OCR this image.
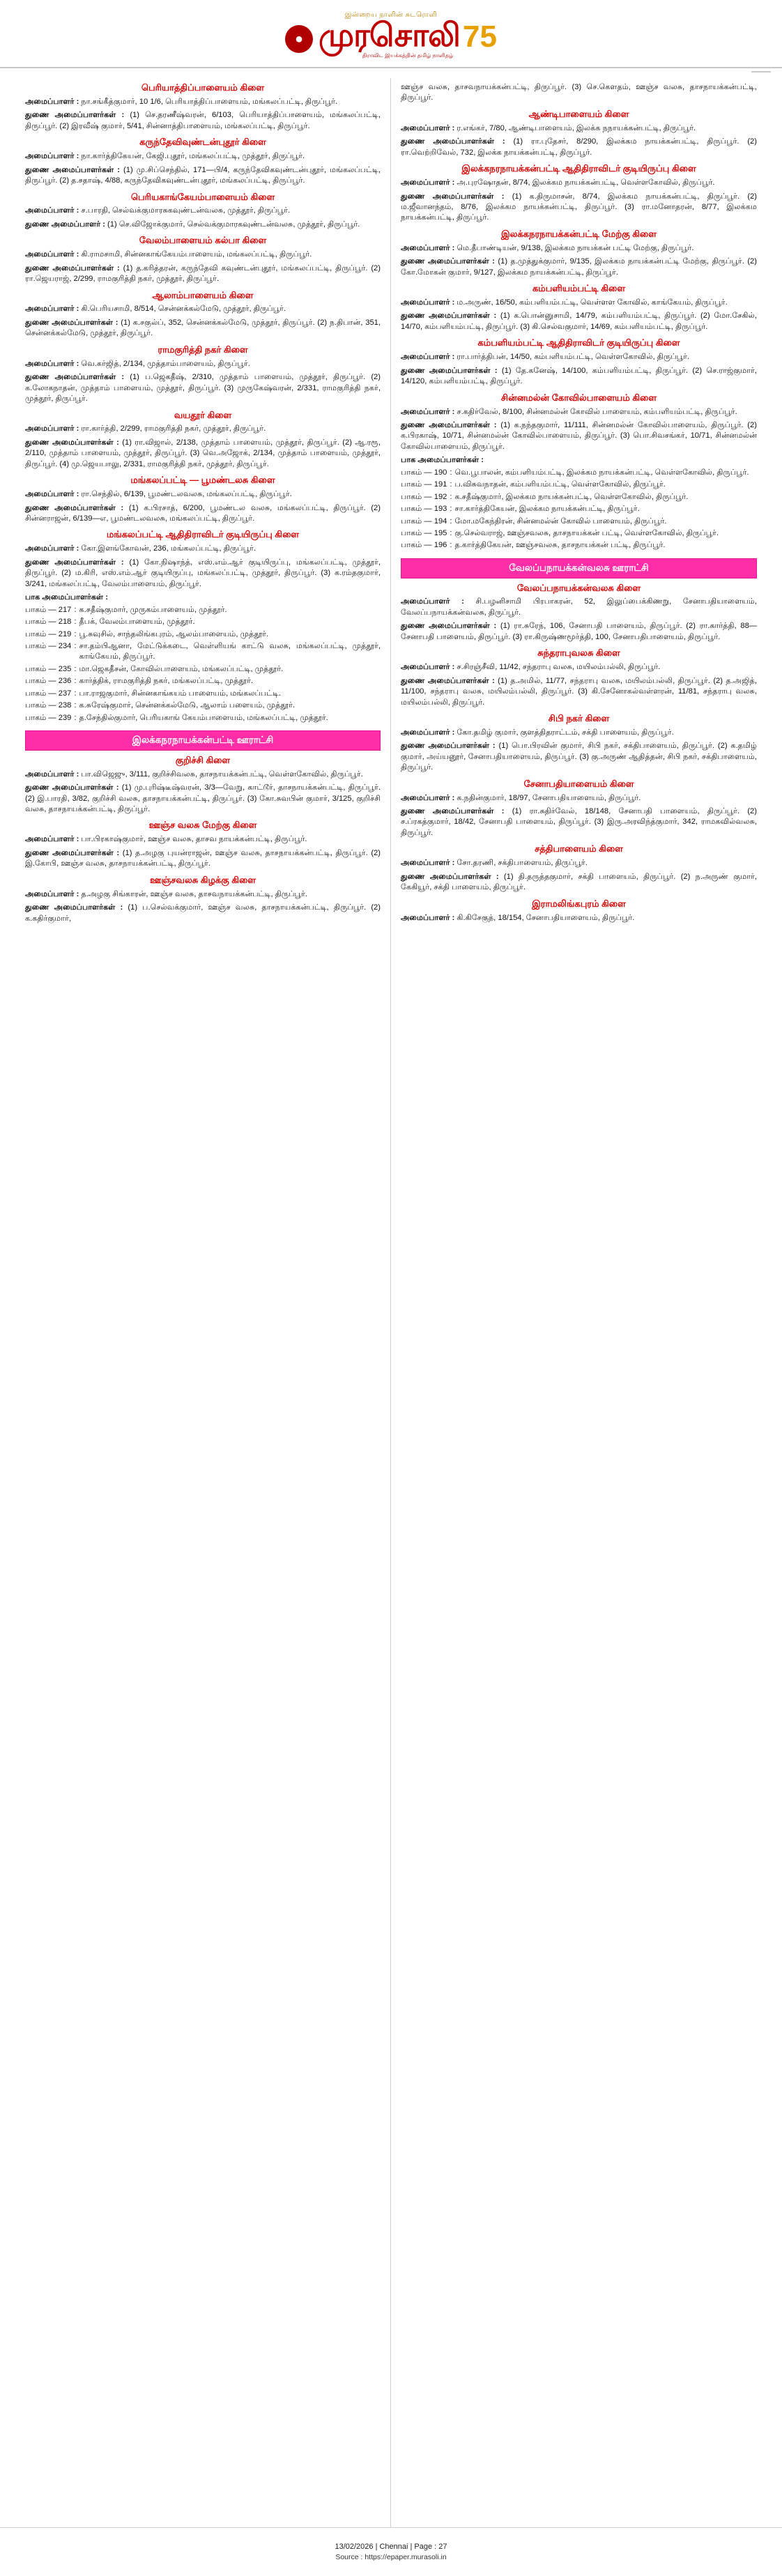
இன்றைய நாளின் சுடரொளி
● முரசொலி 75
திராவிட இயக்கத்தின் தமிழ் நாளிதழ்
பெரியாத்திப்பாளையம் கிளை

அமைப்பாளர் : நா.சங்கீத்குமார், 10 1/6, பெரியாத்திப்பாளையம், மங்கலப்பட்டி, திருப்பூர்.

துணை அமைப்பாளர்கள் : (1) செ.தரணீஷ்வரன், 6/103, பெரியாத்திப்பாளையம், மங்கலப்பட்டி, திருப்பூர். (2) இரவீஷ் குமார், 5/41, சின்னாத்திபாளையம், மங்கலப்பட்டி, திருப்பூர்.

கருந்தேவிவுண்டன்புதூர் கிளை

அமைப்பாளர் : நா.கார்த்திகேயன், கேஜி.புதூர், மங்கலப்பட்டி, முத்தூர், திருப்பூர்.

துணை அமைப்பாளர்கள் : (1) மு.சிப்செந்தில், 171—பி/4, கருந்தேவிகவுண்டன்புதூர், மங்கலப்பட்டி, திருப்பூர். (2) த.சதாஷ், 4/88, கருந்தேவிகவுண்டன்புதூர், மங்கலப்பட்டி, திருப்பூர்.

பெரியகாங்கேயம்பாளையம் கிளை

அமைப்பாளர் : ச.பாரதி, செல்வக்குமாரசுகவுண்டன்வலசு, முத்தூர், திருப்பூர்.

துணை அமைப்பாளர் : (1) செ.விஜோக்குமார், செல்வக்குமாரகவுண்டன்வலசு, முத்தூர், திருப்பூர்.

வேலம்பாளையம் கல்பா கிளை

அமைப்பாளர் : கி.ராமசாமி, சின்னகாங்கேயம்பாளையம், மங்கலப்பட்டி, திருப்பூர்.

துணை அமைப்பாளர்கள் : (1) த.கரித்தரன், கருந்தேவி கவுண்டன்புதூர், மங்கலப்பட்டி, திருப்பூர். (2) ரா.ஜெயராஜ், 2/299, ராமகுரித்தி நகர், முத்தூர், திருப்பூர்.

ஆலாம்பாளையம் கிளை

அமைப்பாளர் : கி.பெரியசாமி, 8/514, சென்னக்கல்மேடு, முத்தூர், திருப்பூர்.

துணை அமைப்பாளர்கள் : (1) க.சகுல்ப், 352, சென்னக்கல்மேடு, முத்தூர், திருப்பூர். (2) ந.திபான், 351, சென்னக்கல்மேடு, முத்தூர், திருப்பூர்.

ராமகுரித்தி நகர் கிளை

அமைப்பாளர் : வெ.கர்ஜித், 2/134, முத்தாம்பாளையம், திருப்பூர்.

துணை அமைப்பாளர்கள் : (1) ப.ஜெகதீஷ், 2/310, முத்தாம் பாளையம், முத்தூர், திருப்பூர். (2) க.லோகநாதன், முத்தாம் பாளையம், முத்தூர், திருப்பூர். (3) முருகேஷ்வரன், 2/331, ராமகுரித்தி நகர், முத்தூர், திருப்பூர்.

வயதூர் கிளை

அமைப்பாளர் : ரா.கார்த்தி, 2/299, ராமகுரித்தி நகர், முத்தூர், திருப்பூர்.

துணை அமைப்பாளர்கள் : (1) ரா.விஜால், 2/138, முத்தாம் பாளையம், முத்தூர், திருப்பூர். (2) ஆ.ரரூ, 2/110, முத்தாம் பாளையம், முத்தூர், திருப்பூர். (3) வெ.அஜோக், 2/134, முத்தாம் பாளையம், முத்தூர், திருப்பூர். (4) மு.ஜெயபாலு, 2/331, ராமகுரித்தி நகர், முத்தூர், திருப்பூர்.

மங்கலப்பட்டி — பூமண்டலசு கிளை

அமைப்பாளர் : ரா.செந்தில், 6/139, பூமண்டலவலசு, மங்கலப்பட்டி, திருப்பூர்.

துணை அமைப்பாளர்கள் : (1) க.பிரசாத், 6/200, பூமண்டல வலசு, மங்கலப்பட்டி, திருப்பூர். (2) சின்னராஜன், 6/139—எ, பூமண்டலவலசு, மங்கலப்பட்டி, திருப்பூர்.

மங்கலப்பட்டி ஆதிதிராவிடர் குடியிருப்பு கிளை

அமைப்பாளர் : கோ.இளங்கோவன், 236, மங்கலப்பட்டி, திருப்பூர்.

துணை அமைப்பாளர்கள் : (1) கோ.நிஷாந்த், எஸ்.எம்.ஆர் குடியிருப்பு, மங்கலப்பட்டி, முத்தூர், திருப்பூர். (2) ம.கிரி, எஸ்.எம்.ஆர் குடியிருப்பு, மங்கலப்பட்டி, முத்தூர், திருப்பூர். (3) க.ரம்தகுமார், 3/241, மங்கலப்பட்டி, வேலம்பாளையம், திருப்பூர்.

பாக அமைப்பாளர்கள் :
பாகம் — 217 : க.சதீஷ்குமார், முருகம்பாளையம், முத்தூர்.
பாகம் — 218 : தீபக், வேலம்பாளையம், முத்தூர்.
பாகம் — 219 : பூ.சுவுசில், சாந்தலிங்கபுரம், ஆலம்பாளையம், முத்தூர்.
பாகம் — 234 : சா.தம்பிஆனா, மேட்டுக்கடை, வெள்ளியங் காட்டு வலசு, மங்கலப்பட்டி, முத்தூர், காங்கேயம், திருப்பூர்.
பாகம் — 235 : மா.ஜெகதீசன், கோவில்பாளையம், மங்கலப்பட்டி, முத்தூர்.
பாகம் — 236 : கார்த்திக், ராமகுரித்தி நகர், மங்கலப்பட்டி, முத்தூர்.
பாகம் — 237 : பா.ராஜகுமார், சின்னகாங்கயம் பாளையம், மங்கலப்பட்டி.
பாகம் — 238 : க.சுரேஷ்குமார், சென்னக்கல்மேடு, ஆலாம் பளையம், முத்தூர்.
பாகம் — 239 : த.சேந்தில்குமார், பெரியகாங் கேயம்பாளையம், மங்கலப்பட்டி, முத்தூர்.
இலக்கநரநாயக்கன்பட்டி ஊராட்சி
குறிச்சி கிளை

அமைப்பாளர் : பா.விஜெஜு, 3/111, குறிச்சிவலசு, தாசநாயக்கன்பட்டி, வெள்ளகோவில், திருப்பூர்.

துணை அமைப்பாளர்கள் : (1) மு.புரிஷ்டீஷ்வரன், 3/3—வேறு, காட்டூர், தாசநாயக்கன்பட்டி, திருப்பூர். (2) இ.பாரதி, 3/82, குறிச்சி வலசு, தாசநாயக்கன்பட்டி, திருப்பூர். (3) கோ.சுவபின் குமார், 3/125, குறிச்சி வலசு, தாசநாயக்கன்பட்டி, திருப்பூர்.

ஊஞ்ச வலசு மேற்கு கிளை

அமைப்பாளர் : பா.பிரகாஷ்குமார், ஊஞ்ச வலசு, தாசவ நாயக்கன்பட்டி, திருப்பூர்.

துணை அமைப்பாளர்கள் : (1) த.அழகு புயன்ராஜன், ஊஞ்ச வலசு, தாசநாயக்கன்பட்டி, திருப்பூர். (2) இ.கோபி, ஊஞ்ச வலசு, தாசநாயக்கன்பட்டி, திருப்பூர்.

ஊஞ்சவலசு கிழக்கு கிளை

அமைப்பாளர் : த.அழகு சிங்காரன், ஊஞ்ச வலசு, தாசவநாயக்கன்பட்டி, திருப்பூர்.

துணை அமைப்பாளர்கள் : (1) ப.செல்வக்குமார், ஊஞ்ச வலசு, தாசநாயக்கன்பட்டி, திருப்பூர். (2) க.கதிர்குமார்,

ஊஞ்ச வலசு, தாசவநாயக்கன்பட்டி, திருப்பூர். (3) செ.கௌதம், ஊஞ்ச வலசு, தாசநாயக்கன்பட்டி, திருப்பூர்.

ஆண்டிபாளையம் கிளை

அமைப்பாளர் : ர.எங்கர், 7/80, ஆண்டிபாளையம், இலக்க நநாயக்கன்பட்டி, திருப்பூர்.

துணை அமைப்பாளர்கள் : (1) ரா.புதேசர், 8/290, இலக்கம நாயக்கன்பட்டி, திருப்பூர். (2) ரா.வெற்றிவேல், 732, இலக்க நாயக்கன்பட்டி, திருப்பூர்.

இலக்கநரநாயக்கன்பட்டி ஆதிதிராவிடர் குடியிருப்பு கிளை

அமைப்பாளர் : அ.புரஷோதன், 8/74, இலக்கம நாயக்கன்பட்டி, வெள்ளகோவில், திருப்பூர்.

துணை அமைப்பாளர்கள் : (1) க.திருமாசன், 8/74, இலக்கம நாயக்கன்பட்டி, திருப்பூர். (2) ம.ஜீவானந்தம், 8/76, இலக்கம நாயக்கன்பட்டி, திருப்பூர். (3) ரா.மனோதரன், 8/77, இலக்கம நாயக்கன்பட்டி, திருப்பூர்.

இலக்கநரநாயக்கன்பட்டி மேற்கு கிளை

அமைப்பாளர் : மெ.தீபாண்டியன், 9/138, இலக்கம நாயக்கன் பட்டி மேற்கு, திருப்பூர்.

துணை அமைப்பாளர்கள் : (1) த.முத்துக்குமார், 9/135, இலக்கம நாயக்கன்பட்டி மேற்கு, திருப்பூர். (2) கோ.மோகன் குமார், 9/127, இலக்கம நாயக்கன்பட்டி, திருப்பூர்.

கம்பளியம்பட்டி கிளை

அமைப்பாளர் : ம.அருண், 16/50, கம்பளியம்பட்டி, வெள்ளள கோவில், காங்கேயம், திருப்பூர்.

துணை அமைப்பாளர்கள் : (1) க.பொன்னுசாமி, 14/79, கம்பளியம்பட்டி, திருப்பூர். (2) மோ.சேகில், 14/70, கம்பளியம்பட்டி, திருப்பூர். (3) கி.செல்வகுமார், 14/69, கம்பளியம்பட்டி, திருப்பூர்.

கம்பளியம்பட்டி ஆதிதிராவிடர் குடியிருப்பு கிளை

அமைப்பாளர் : ரா.பார்த்திபன், 14/50, கம்பளியம்பட்டி, வெள்ளகோவில், திருப்பூர்.

துணை அமைப்பாளர்கள் : (1) தே.கனேஷ், 14/100, கம்பளியம்பட்டி, திருப்பூர். (2) செ.ராஜ்குமார், 14/120, கம்பளியம்பட்டி, திருப்பூர்.

சின்னமல்ன் கோவில்பாளையம் கிளை

அமைப்பாளர் : ச.கதிர்வேல், 8/100, சின்னமல்ன் கோவில் பாளையம், கம்பளியம்பட்டி, திருப்பூர்.

துணை அமைப்பாளர்கள் : (1) க.நந்தகுமார், 11/111, சின்னமல்ன் கோவில்பாளையம், திருப்பூர். (2) க.பிரகாஷ், 10/71, சின்னமல்ன் கோவில்பாளையம், திருப்பூர். (3) பொ.சிவசங்கர், 10/71, சின்னமல்ன் கோவில்பாளையம், திருப்பூர்.

பாக அமைப்பாளர்கள் :
பாகம் — 190 : வெ.பூபாலன், கம்பளியம்பட்டி, இலக்கம நாயக்கன்பட்டி, வெள்ளகோவில், திருப்பூர்.
பாகம் — 191 : ப.விசுவநாதன், கம்பளியம்பட்டி, வெள்ளகோவில், திருப்பூர்.
பாகம் — 192 : க.சதீஷ்குமார், இலக்கம நாயக்கன்பட்டி, வெள்ளகோவில், திருப்பூர்.
பாகம் — 193 : சா.கார்த்திகேயன், இலக்கம நாயக்கன்பட்டி, திருப்பூர்.
பாகம் — 194 : மோ.மகேந்திரன், சின்னமல்ன் கோவில் பாளையம், திருப்பூர்.
பாகம் — 195 : கு.செல்வராஜ், ஊஞ்சவலசு, தாசநாயக்கன் பட்டி, வெள்ளகோவில், திருப்பூர்.
பாகம் — 196 : த.கார்த்திகேயன், ஊஞ்சவலசு, தாசநாயக்கன் பட்டி, திருப்பூர்.
வேலப்பநாயக்கன்வலசு ஊராட்சி
வேலப்பநாயக்கன்வலசு கிளை

அமைப்பாளர் : சி.பழனிசாமி பிரபாகரன், 52, இலுப்பைக்கிணறு, சேனாபதியாளையம், வேலப்பநாயக்கன்வலசு, திருப்பூர்.

துணை அமைப்பாளர்கள் : (1) ரா.சுரேந், 106, சேனாபதி பாளையம், திருப்பூர். (2) ரா.கார்த்தி, 88—சேனாபதி பாளையம், திருப்பூர். (3) ரா.கிருஷ்ணமூர்த்தி, 100, சேனாபதிபாளையம், திருப்பூர்.

சுந்தராபுவலசு கிளை

அமைப்பாளர் : ச.சிரஞ்சீவி, 11/42, சந்தராபு வலசு, மயிலம்பல்லி, திருப்பூர்.

துணை அமைப்பாளர்கள் : (1) த.அமில், 11/77, சந்தராபு வலசு, மயிலம்பல்லி, திருப்பூர். (2) த.அஜித், 11/100, சந்தராபு வலசு, மயிலம்பல்லி, திருப்பூர். (3) கி.சேனோகல்வள்ளரன், 11/81, சந்தராபு வலசு, மயிலம்பல்லி, திருப்பூர்.

சிபி நகர் கிளை

அமைப்பாளர் : கோ.தமிழ் குமார், குளத்திதராட்டம், சக்தி பாளையம், திருப்பூர்.

துணை அமைப்பாளர்கள் : (1) பொ.பிரவின் குமார், சிபி நகர், சக்திபாளையம், திருப்பூர். (2) க.தமிழ் குமார், அய்யனூர், சேனாபதியாளையம், திருப்பூர். (3) கு.அருண் ஆதித்தன், சிபி நகர், சக்திபாளையம், திருப்பூர்.

சேனாபதியாளையம் கிளை

அமைப்பாளர் : க.நதின்குமார், 18/97, சேனாபதியாளையம், திருப்பூர்.

துணை அமைப்பாளர்கள் : (1) ரா.சுதிர்வேல், 18/148, சேனாபதி பாளையம், திருப்பூர். (2) ச.ப்ரகத்குமார், 18/42, சேனாபதி பாளையம், திருப்பூர். (3) இரு.அரவிந்த்குமார், 342, ராமகவில்வலசு, திருப்பூர்.

சத்திபாளையம் கிளை

அமைப்பாளர் : சோ.தரணி, சக்திபாளையம், திருப்பூர்.

துணை அமைப்பாளர்கள் : (1) தி.தருத்தகுமார், சக்தி பாளையம், திருப்பூர். (2) ந.அருண் குமார், கேகியூர், சக்தி பாளையம், திருப்பூர்.

இராமலிங்கபுரம் கிளை

அமைப்பாளர் : கி.கிசேகுத், 18/154, சேனாபதியாளையம், திருப்பூர்.

13/02/2026 | Chennai | Page : 27
Source : https://epaper.murasoli.in
